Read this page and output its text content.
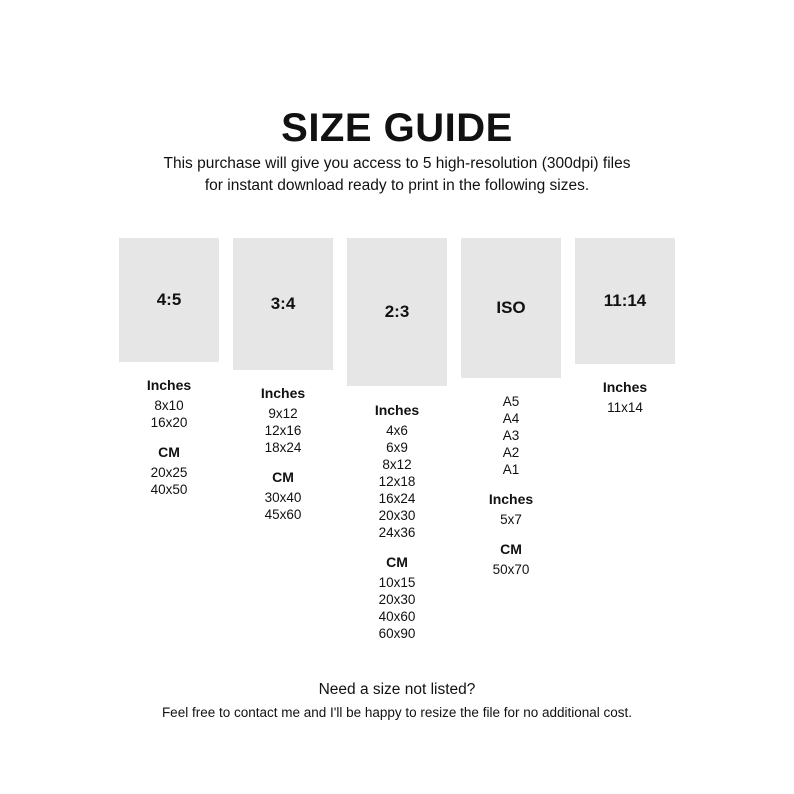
SIZE GUIDE
This purchase will give you access to 5 high-resolution (300dpi) files
for instant download ready to print in the following sizes.
4:5
Inches
8x10
16x20
CM
20x25
40x50
3:4
Inches
9x12
12x16
18x24
CM
30x40
45x60
2:3
Inches
4x6
6x9
8x12
12x18
16x24
20x30
24x36
CM
10x15
20x30
40x60
60x90
ISO
A5
A4
A3
A2
A1
Inches
5x7
CM
50x70
11:14
Inches
11x14
Need a size not listed?
Feel free to contact me and I'll be happy to resize the file for no additional cost.
